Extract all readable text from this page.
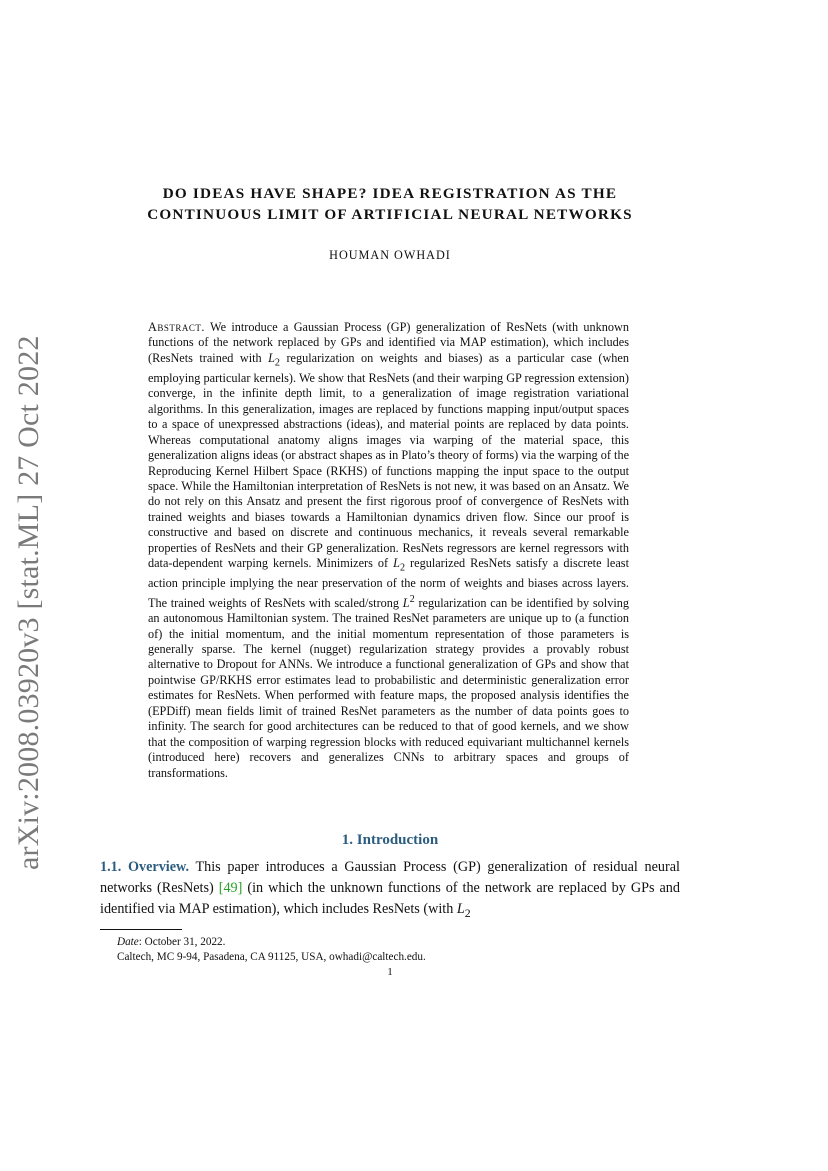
arXiv:2008.03920v3 [stat.ML] 27 Oct 2022
DO IDEAS HAVE SHAPE? IDEA REGISTRATION AS THE
CONTINUOUS LIMIT OF ARTIFICIAL NEURAL NETWORKS
HOUMAN OWHADI
Abstract. We introduce a Gaussian Process (GP) generalization of ResNets (with unknown functions of the network replaced by GPs and identified via MAP estimation), which includes (ResNets trained with $L_2$ regularization on weights and biases) as a particular case (when employing particular kernels). We show that ResNets (and their warping GP regression extension) converge, in the infinite depth limit, to a generalization of image registration variational algorithms. In this generalization, images are replaced by functions mapping input/output spaces to a space of unexpressed abstractions (ideas), and material points are replaced by data points. Whereas computational anatomy aligns images via warping of the material space, this generalization aligns ideas (or abstract shapes as in Plato’s theory of forms) via the warping of the Reproducing Kernel Hilbert Space (RKHS) of functions mapping the input space to the output space. While the Hamiltonian interpretation of ResNets is not new, it was based on an Ansatz. We do not rely on this Ansatz and present the first rigorous proof of convergence of ResNets with trained weights and biases towards a Hamiltonian dynamics driven flow. Since our proof is constructive and based on discrete and continuous mechanics, it reveals several remarkable properties of ResNets and their GP generalization. ResNets regressors are kernel regressors with data-dependent warping kernels. Minimizers of $L_2$ regularized ResNets satisfy a discrete least action principle implying the near preservation of the norm of weights and biases across layers. The trained weights of ResNets with scaled/strong $L^2$ regularization can be identified by solving an autonomous Hamiltonian system. The trained ResNet parameters are unique up to (a function of) the initial momentum, and the initial momentum representation of those parameters is generally sparse. The kernel (nugget) regularization strategy provides a provably robust alternative to Dropout for ANNs. We introduce a functional generalization of GPs and show that pointwise GP/RKHS error estimates lead to probabilistic and deterministic generalization error estimates for ResNets. When performed with feature maps, the proposed analysis identifies the (EPDiff) mean fields limit of trained ResNet parameters as the number of data points goes to infinity. The search for good architectures can be reduced to that of good kernels, and we show that the composition of warping regression blocks with reduced equivariant multichannel kernels (introduced here) recovers and generalizes CNNs to arbitrary spaces and groups of transformations.
1. Introduction
1.1. Overview. This paper introduces a Gaussian Process (GP) generalization of residual neural networks (ResNets) [49] (in which the unknown functions of the network are replaced by GPs and identified via MAP estimation), which includes ResNets (with $L_2$
Date: October 31, 2022.
Caltech, MC 9-94, Pasadena, CA 91125, USA, owhadi@caltech.edu.
1
